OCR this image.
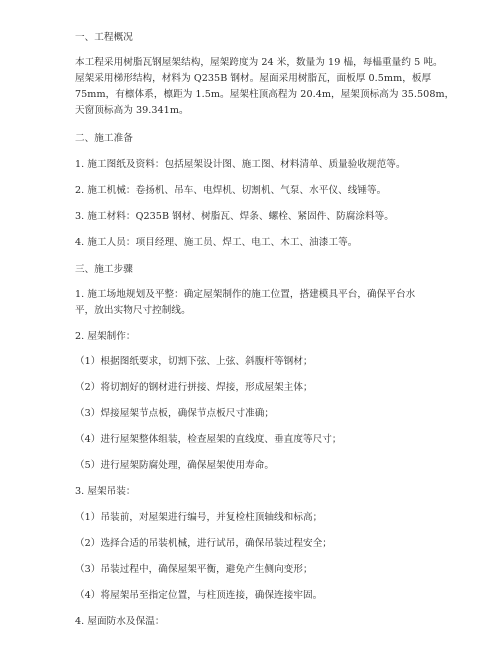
一、工程概况
本工程采用树脂瓦钢屋架结构，屋架跨度为 24 米，数量为 19 榀，每榀重量约 5 吨。
屋架采用梯形结构，材料为 Q235B 钢材。屋面采用树脂瓦，面板厚 0.5mm，板厚
75mm，有檩体系，檩距为 1.5m。屋架柱顶高程为 20.4m，屋架顶标高为 35.508m，
天窗顶标高为 39.341m。
二、施工准备
1. 施工图纸及资料：包括屋架设计图、施工图、材料清单、质量验收规范等。
2. 施工机械：卷扬机、吊车、电焊机、切割机、气泵、水平仪、线锤等。
3. 施工材料：Q235B 钢材、树脂瓦、焊条、螺栓、紧固件、防腐涂料等。
4. 施工人员：项目经理、施工员、焊工、电工、木工、油漆工等。
三、施工步骤
1. 施工场地规划及平整：确定屋架制作的施工位置，搭建模具平台，确保平台水
平，放出实物尺寸控制线。
2. 屋架制作：
（1）根据图纸要求，切割下弦、上弦、斜腹杆等钢材；
（2）将切割好的钢材进行拼接、焊接，形成屋架主体；
（3）焊接屋架节点板，确保节点板尺寸准确；
（4）进行屋架整体组装，检查屋架的直线度、垂直度等尺寸；
（5）进行屋架防腐处理，确保屋架使用寿命。
3. 屋架吊装：
（1）吊装前，对屋架进行编号，并复检柱顶轴线和标高；
（2）选择合适的吊装机械，进行试吊，确保吊装过程安全；
（3）吊装过程中，确保屋架平衡，避免产生侧向变形；
（4）将屋架吊至指定位置，与柱顶连接，确保连接牢固。
4. 屋面防水及保温：
